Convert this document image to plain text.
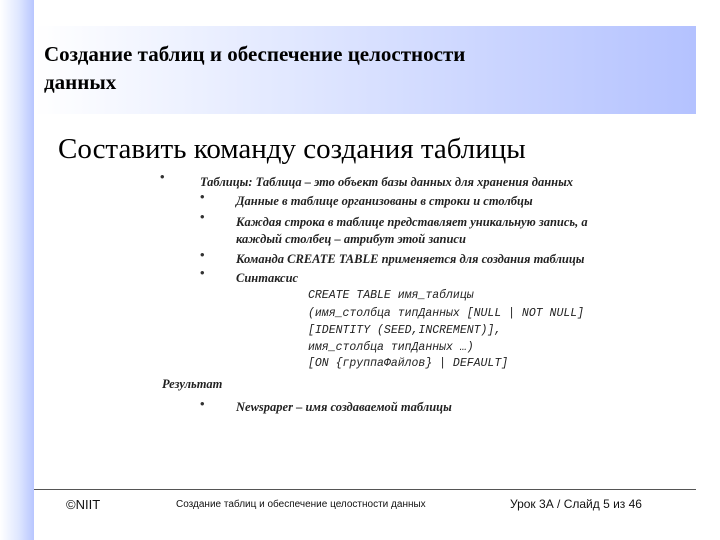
Создание таблиц и обеспечение целостности
данных
Составить команду создания таблицы
•	Таблицы: Таблица – это объект базы данных для хранения данных
•	Данные в таблице организованы в строки и столбцы
•	Каждая строка в таблице представляет уникальную запись, а
каждый столбец – атрибут этой записи
•	Команда CREATE TABLE применяется для создания таблицы
•	Синтаксис
CREATE TABLE имя_таблицы
(имя_столбца типДанных [NULL | NOT NULL]
[IDENTITY (SEED,INCREMENT)],
имя_столбца типДанных …)
[ON {группаФайлов} | DEFAULT]
Результат
•	Newspaper – имя создаваемой таблицы
©NIIT	Создание таблиц и обеспечение целостности данных	Урок 3А / Слайд 5 из 46
